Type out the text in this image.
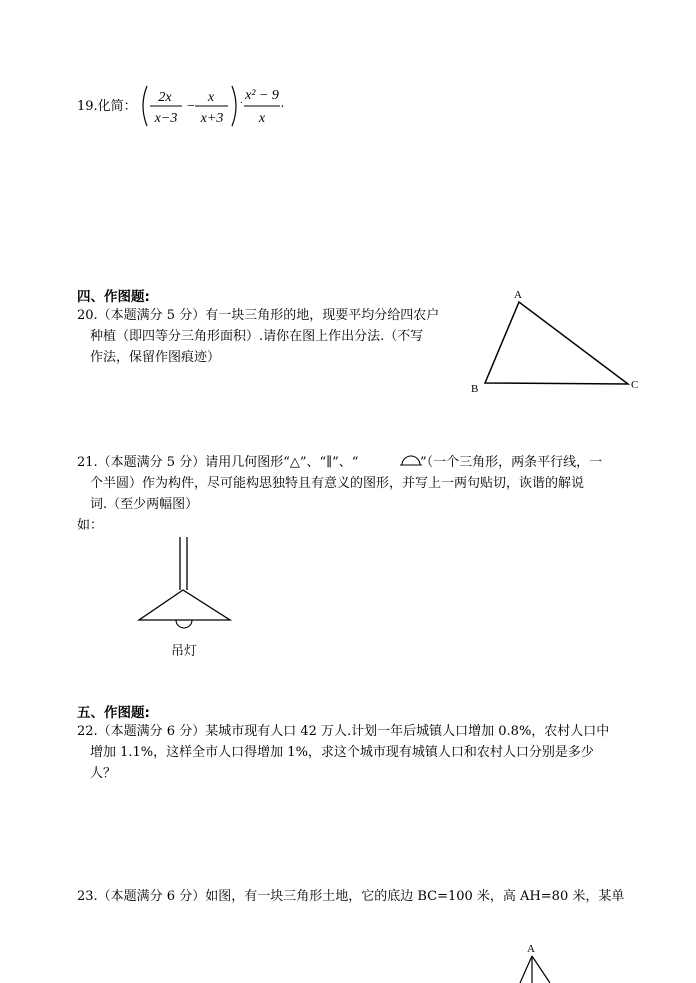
19.化简：
2x
x−3
−
x
x+3
·
x² − 9
x
.
四、作图题:
20.（本题满分 5 分）有一块三角形的地，现要平均分给四农户
种植（即四等分三角形面积）.请你在图上作出分法.（不写
作法，保留作图痕迹）
A
B	C
21.（本题满分 5 分）请用几何图形“△”、“∥”、“	”（一个三角形，两条平行线，一
个半圆）作为构件，尽可能构思独特且有意义的图形，并写上一两句贴切，诙谐的解说
词.（至少两幅图）
如：
吊灯
五、作图题:
22.（本题满分 6 分）某城市现有人口 42 万人.计划一年后城镇人口增加 0.8%，农村人口中
增加 1.1%，这样全市人口得增加 1%，求这个城市现有城镇人口和农村人口分别是多少
人？
23.（本题满分 6 分）如图，有一块三角形土地，它的底边 BC=100 米，高 AH=80 米，某单
A
